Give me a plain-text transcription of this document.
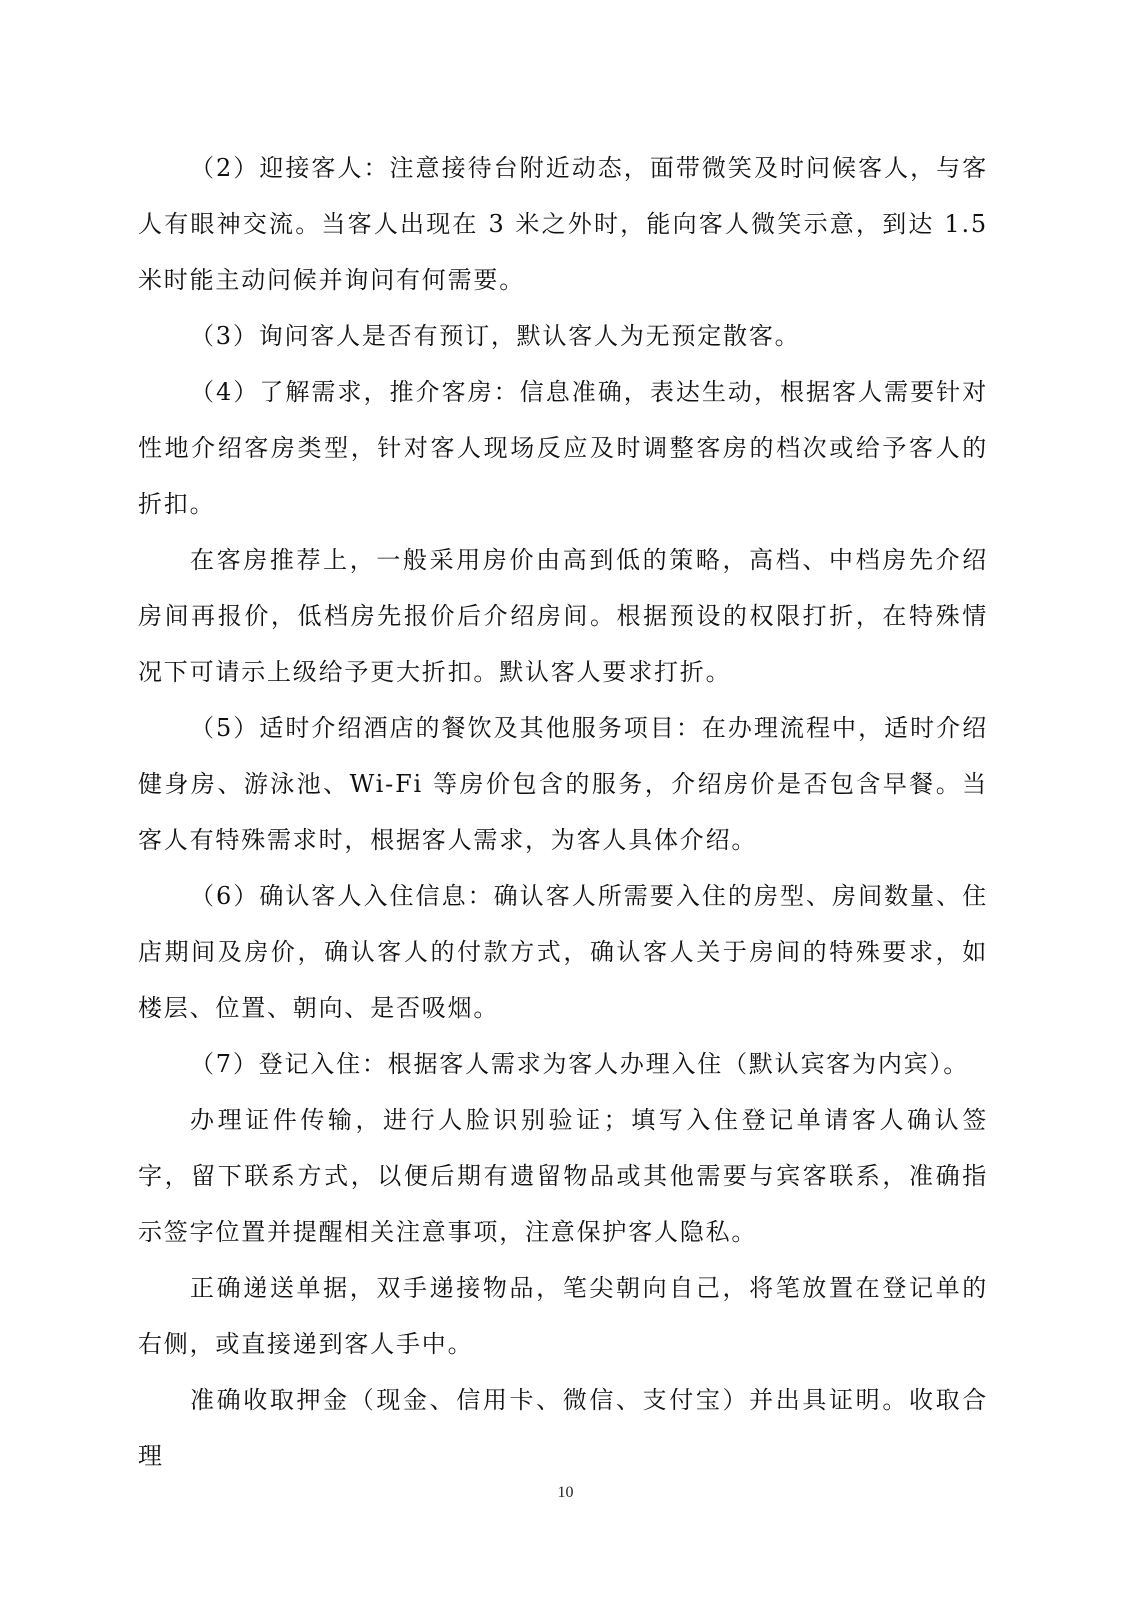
（2）迎接客人：注意接待台附近动态，面带微笑及时问候客人，与客人有眼神交流。当客人出现在 3 米之外时，能向客人微笑示意，到达 1.5 米时能主动问候并询问有何需要。

（3）询问客人是否有预订，默认客人为无预定散客。

（4）了解需求，推介客房：信息准确，表达生动，根据客人需要针对性地介绍客房类型，针对客人现场反应及时调整客房的档次或给予客人的折扣。

在客房推荐上，一般采用房价由高到低的策略，高档、中档房先介绍房间再报价，低档房先报价后介绍房间。根据预设的权限打折，在特殊情况下可请示上级给予更大折扣。默认客人要求打折。

（5）适时介绍酒店的餐饮及其他服务项目：在办理流程中，适时介绍健身房、游泳池、Wi-Fi 等房价包含的服务，介绍房价是否包含早餐。当客人有特殊需求时，根据客人需求，为客人具体介绍。

（6）确认客人入住信息：确认客人所需要入住的房型、房间数量、住店期间及房价，确认客人的付款方式，确认客人关于房间的特殊要求，如楼层、位置、朝向、是否吸烟。

（7）登记入住：根据客人需求为客人办理入住（默认宾客为内宾）。

办理证件传输，进行人脸识别验证；填写入住登记单请客人确认签字，留下联系方式，以便后期有遗留物品或其他需要与宾客联系，准确指示签字位置并提醒相关注意事项，注意保护客人隐私。

正确递送单据，双手递接物品，笔尖朝向自己，将笔放置在登记单的右侧，或直接递到客人手中。

准确收取押金（现金、信用卡、微信、支付宝）并出具证明。收取合理

10
